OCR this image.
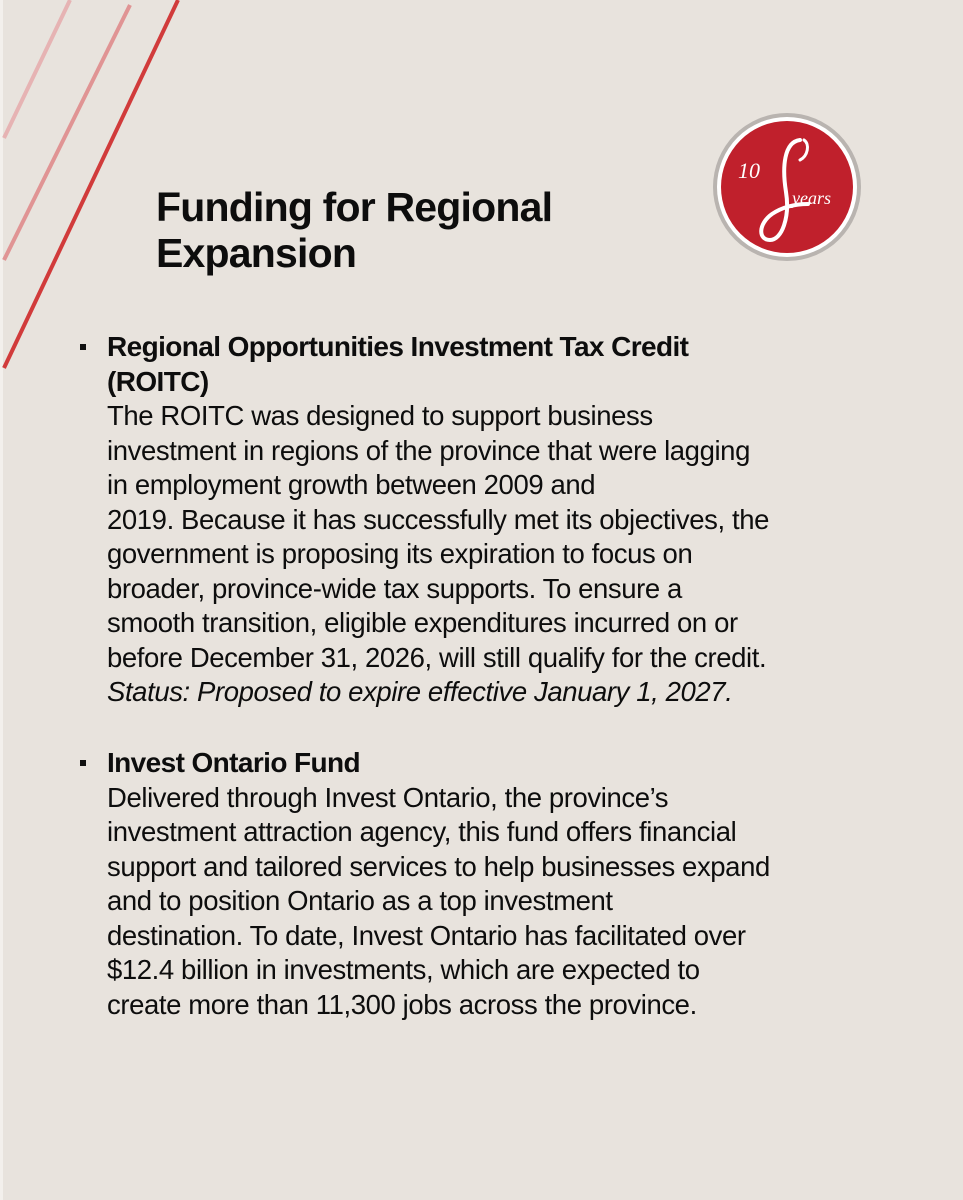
10
years
Funding for Regional
Expansion

Regional Opportunities Investment Tax Credit
(ROITC)

The ROITC was designed to support business
investment in regions of the province that were lagging
in employment growth between 2009 and
2019. Because it has successfully met its objectives, the
government is proposing its expiration to focus on
broader, province-wide tax supports. To ensure a
smooth transition, eligible expenditures incurred on or
before December 31, 2026, will still qualify for the credit.

Status: Proposed to expire effective January 1, 2027.

Invest Ontario Fund

Delivered through Invest Ontario, the province’s
investment attraction agency, this fund offers financial
support and tailored services to help businesses expand
and to position Ontario as a top investment
destination. To date, Invest Ontario has facilitated over
$12.4 billion in investments, which are expected to
create more than 11,300 jobs across the province.
